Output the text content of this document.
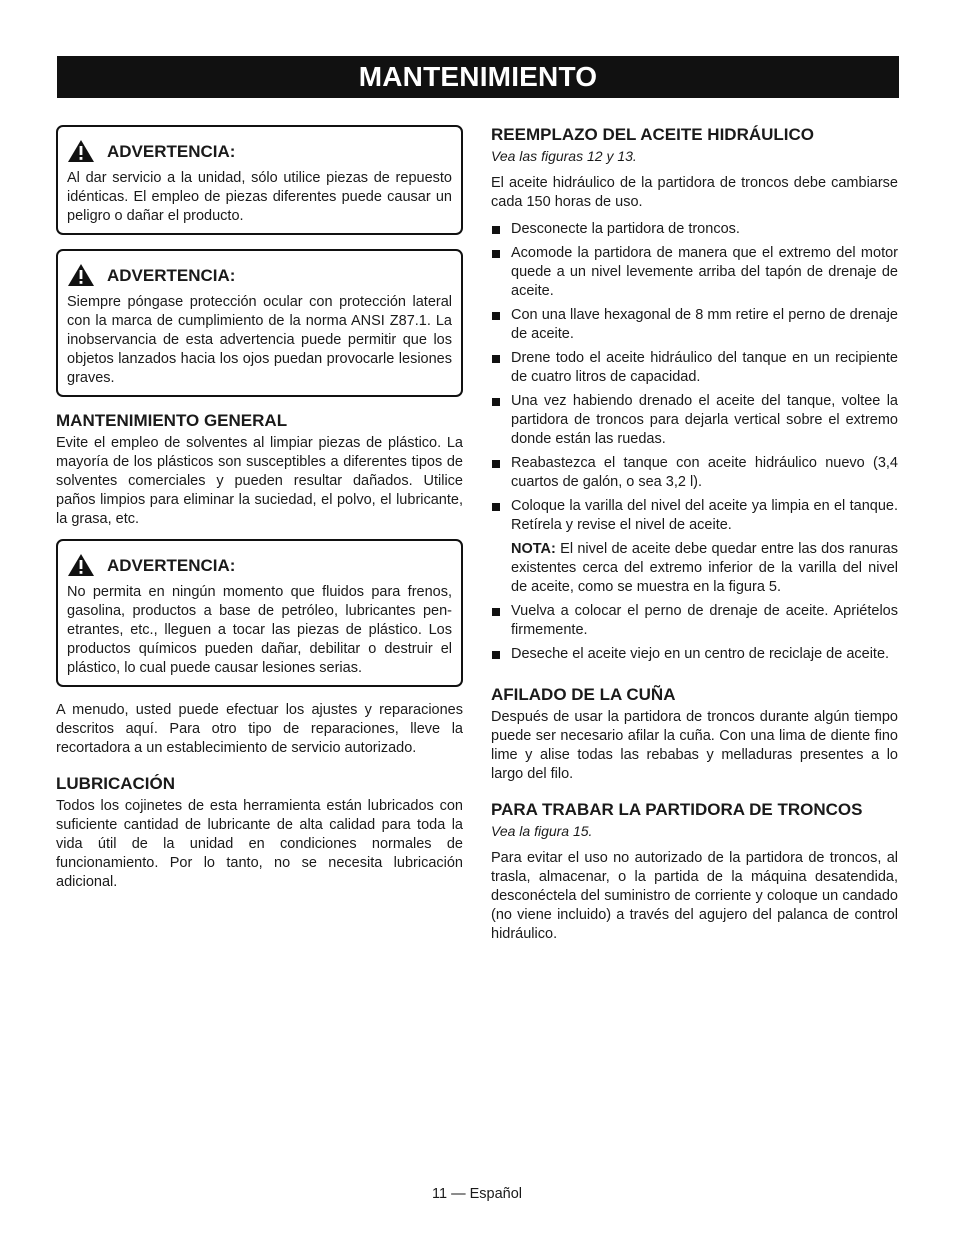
MANTENIMIENTO
ADVERTENCIA:

Al dar servicio a la unidad, sólo utilice piezas de repuesto idénticas. El empleo de piezas diferentes puede causar un peligro o dañar el producto.

ADVERTENCIA:

Siempre póngase protección ocular con protección lateral con la marca de cumplimiento de la norma ANSI Z87.1. La inobservancia de esta advertencia puede permitir que los objetos lanzados hacia los ojos puedan provocarle lesiones graves.

MANTENIMIENTO GENERAL

Evite el empleo de solventes al limpiar piezas de plástico. La mayoría de los plásticos son susceptibles a diferentes tipos de solventes comerciales y pueden resultar dañados. Utilice paños limpios para eliminar la suciedad, el polvo, el lubricante, la grasa, etc.

ADVERTENCIA:

No permita en ningún momento que fluidos para frenos, gasolina, productos a base de petróleo, lubricantes pen-etrantes, etc., lleguen a tocar las piezas de plástico. Los productos químicos pueden dañar, debilitar o destruir el plástico, lo cual puede causar lesiones serias.

A menudo, usted puede efectuar los ajustes y reparaciones descritos aquí. Para otro tipo de reparaciones, lleve la recortadora a un establecimiento de servicio autorizado.

LUBRICACIÓN

Todos los cojinetes de esta herramienta están lubricados con suficiente cantidad de lubricante de alta calidad para toda la vida útil de la unidad en condiciones normales de funcionamiento. Por lo tanto, no se necesita lubricación adicional.

REEMPLAZO DEL ACEITE HIDRÁULICO
Vea las figuras 12 y 13.

El aceite hidráulico de la partidora de troncos debe cambiarse cada 150 horas de uso.

Desconecte la partidora de troncos.
Acomode la partidora de manera que el extremo del motor quede a un nivel levemente arriba del tapón de drenaje de aceite.
Con una llave hexagonal de 8 mm retire el perno de drenaje de aceite.
Drene todo el aceite hidráulico del tanque en un recipiente de cuatro litros de capacidad.
Una vez habiendo drenado el aceite del tanque, voltee la partidora de troncos para dejarla vertical sobre el extremo donde están las ruedas.
Reabastezca el tanque con aceite hidráulico nuevo (3,4 cuartos de galón, o sea 3,2 l).
Coloque la varilla del nivel del aceite ya limpia en el tanque. Retírela y revise el nivel de aceite.

NOTA: El nivel de aceite debe quedar entre las dos ranuras existentes cerca del extremo inferior de la varilla del nivel de aceite, como se muestra en la figura 5.

Vuelva a colocar el perno de drenaje de aceite. Apriételos firmemente.
Deseche el aceite viejo en un centro de reciclaje de aceite.
AFILADO DE LA CUÑA

Después de usar la partidora de troncos durante algún tiempo puede ser necesario afilar la cuña. Con una lima de diente fino lime y alise todas las rebabas y melladuras presentes a lo largo del filo.

PARA TRABAR LA PARTIDORA DE TRONCOS
Vea la figura 15.

Para evitar el uso no autorizado de la partidora de troncos, al trasla, almacenar, o la partida de la máquina desatendida, desconéctela del suministro de corriente y coloque un candado (no viene incluido) a través del agujero del palanca de control hidráulico.

11 — Español
